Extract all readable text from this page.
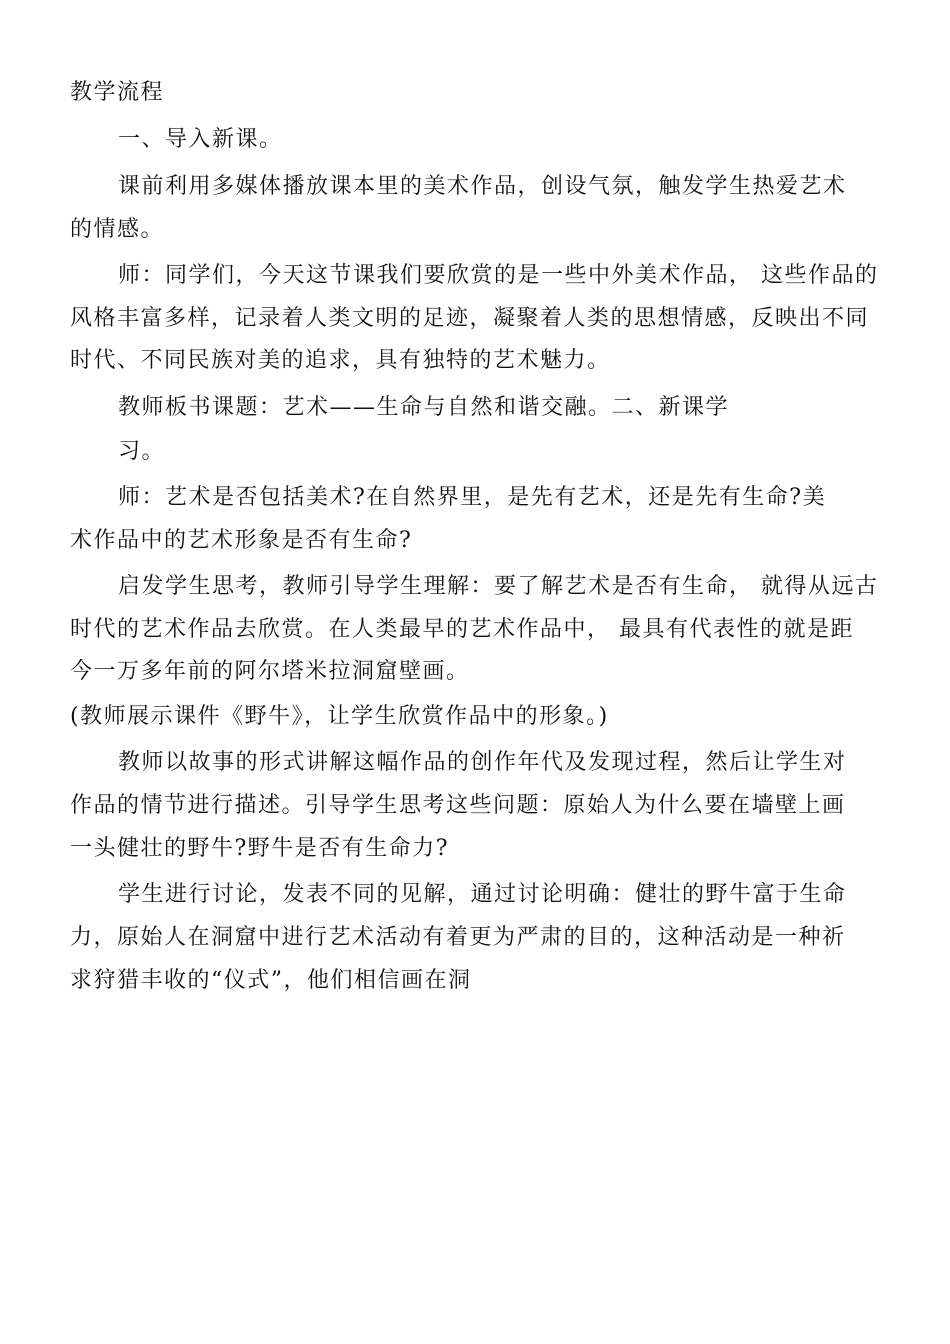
教学流程
一、导入新课。
课前利用多媒体播放课本里的美术作品，创设气氛，触发学生热爱艺术
的情感。
师：同学们，今天这节课我们要欣赏的是一些中外美术作品， 这些作品的
风格丰富多样，记录着人类文明的足迹，凝聚着人类的思想情感，反映出不同
时代、不同民族对美的追求，具有独特的艺术魅力。
教师板书课题：艺术——生命与自然和谐交融。二、新课学
习。
师：艺术是否包括美术?在自然界里，是先有艺术，还是先有生命?美
术作品中的艺术形象是否有生命?
启发学生思考，教师引导学生理解：要了解艺术是否有生命， 就得从远古
时代的艺术作品去欣赏。在人类最早的艺术作品中， 最具有代表性的就是距
今一万多年前的阿尔塔米拉洞窟壁画。
(教师展示课件《野牛》，让学生欣赏作品中的形象。)
教师以故事的形式讲解这幅作品的创作年代及发现过程，然后让学生对
作品的情节进行描述。引导学生思考这些问题：原始人为什么要在墙壁上画
一头健壮的野牛?野牛是否有生命力?
学生进行讨论，发表不同的见解，通过讨论明确：健壮的野牛富于生命
力，原始人在洞窟中进行艺术活动有着更为严肃的目的，这种活动是一种祈
求狩猎丰收的“仪式”，他们相信画在洞
